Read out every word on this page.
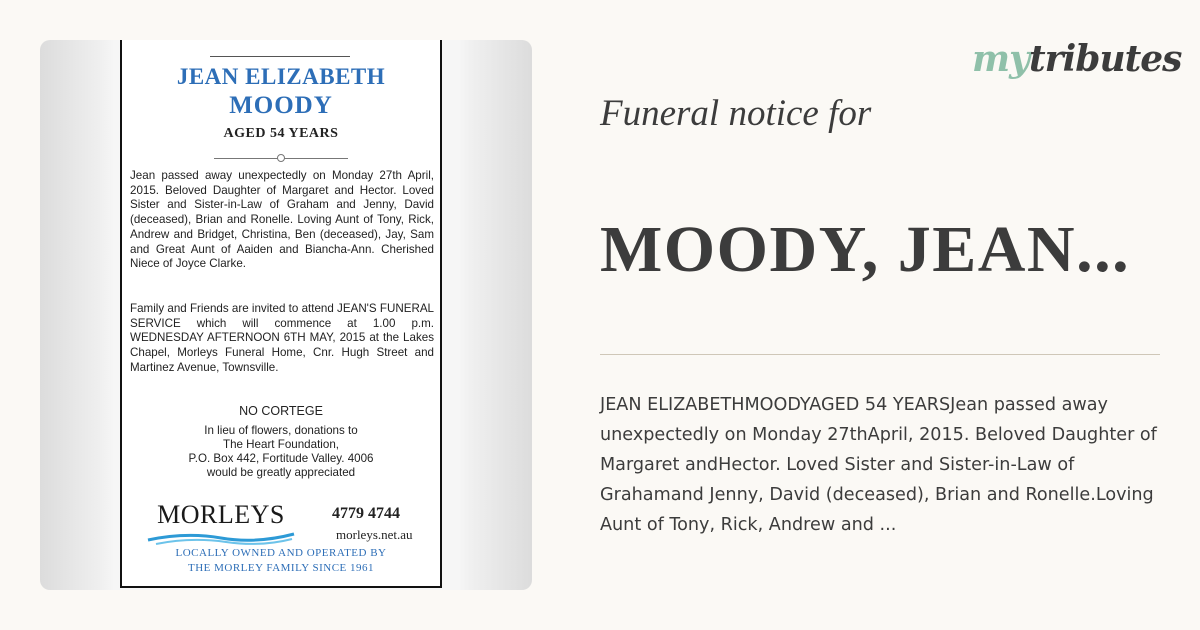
JEAN ELIZABETH
MOODY
AGED 54 YEARS
Jean passed away unexpectedly on Monday 27th April, 2015. Beloved Daughter of Margaret and Hector. Loved Sister and Sister-in-Law of Graham and Jenny, David (deceased), Brian and Ronelle. Loving Aunt of Tony, Rick, Andrew and Bridget, Christina, Ben (deceased), Jay, Sam and Great Aunt of Aaiden and Biancha-Ann. Cherished Niece of Joyce Clarke.
Family and Friends are invited to attend JEAN'S FUNERAL SERVICE which will commence at 1.00 p.m. WEDNESDAY AFTERNOON 6TH MAY, 2015 at the Lakes Chapel, Morleys Funeral Home, Cnr. Hugh Street and Martinez Avenue, Townsville.
NO CORTEGE
In lieu of flowers, donations to
The Heart Foundation,
P.O. Box 442, Fortitude Valley. 4006
would be greatly appreciated
MORLEYS	4779 4744
morleys.net.au
LOCALLY OWNED AND OPERATED BY
THE MORLEY FAMILY SINCE 1961
mytributes
Funeral notice for
MOODY, JEAN...
JEAN ELIZABETHMOODYAGED 54 YEARSJean passed away unexpectedly on Monday 27thApril, 2015. Beloved Daughter of Margaret andHector. Loved Sister and Sister-in-Law of Grahamand Jenny, David (deceased), Brian and Ronelle.Loving Aunt of Tony, Rick, Andrew and ...
